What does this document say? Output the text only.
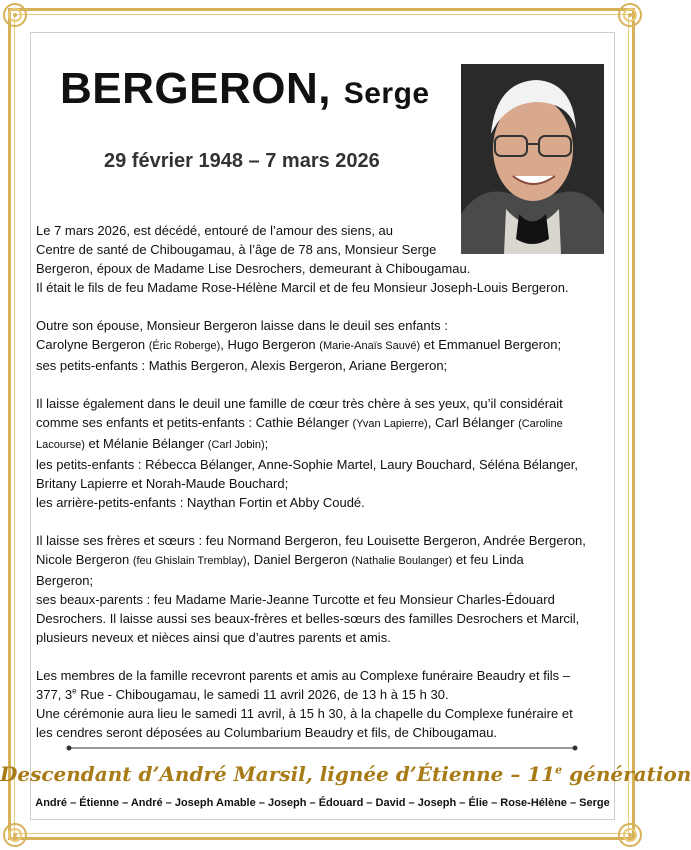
BERGERON, Serge
29 février 1948 – 7 mars 2026

Le 7 mars 2026, est décédé, entouré de l’amour des siens, au
Centre de santé de Chibougamau, à l’âge de 78 ans, Monsieur Serge
Bergeron, époux de Madame Lise Desrochers, demeurant à Chibougamau.
Il était le fils de feu Madame Rose-Hélène Marcil et de feu Monsieur Joseph-Louis Bergeron.

Outre son épouse, Monsieur Bergeron laisse dans le deuil ses enfants :
Carolyne Bergeron (Éric Roberge), Hugo Bergeron (Marie-Anaïs Sauvé) et Emmanuel Bergeron;
ses petits-enfants : Mathis Bergeron, Alexis Bergeron, Ariane Bergeron;

Il laisse également dans le deuil une famille de cœur très chère à ses yeux, qu’il considérait
comme ses enfants et petits-enfants : Cathie Bélanger (Yvan Lapierre), Carl Bélanger (Caroline
Lacourse) et Mélanie Bélanger (Carl Jobin);
les petits-enfants : Rébecca Bélanger, Anne-Sophie Martel, Laury Bouchard, Séléna Bélanger,
Britany Lapierre et Norah-Maude Bouchard;
les arrière-petits-enfants : Naythan Fortin et Abby Coudé.

Il laisse ses frères et sœurs : feu Normand Bergeron, feu Louisette Bergeron, Andrée Bergeron,
Nicole Bergeron (feu Ghislain Tremblay), Daniel Bergeron (Nathalie Boulanger) et feu Linda
Bergeron;
ses beaux-parents : feu Madame Marie-Jeanne Turcotte et feu Monsieur Charles-Édouard
Desrochers. Il laisse aussi ses beaux-frères et belles-sœurs des familles Desrochers et Marcil,
plusieurs neveux et nièces ainsi que d’autres parents et amis.

Les membres de la famille recevront parents et amis au Complexe funéraire Beaudry et fils –
377, 3e Rue - Chibougamau, le samedi 11 avril 2026, de 13 h à 15 h 30.
Une cérémonie aura lieu le samedi 11 avril, à 15 h 30, à la chapelle du Complexe funéraire et
les cendres seront déposées au Columbarium Beaudry et fils, de Chibougamau.

Descendant d’André Marsil, lignée d’Étienne – 11e génération
André – Étienne – André – Joseph Amable – Joseph – Édouard – David – Joseph – Élie – Rose-Hélène – Serge
